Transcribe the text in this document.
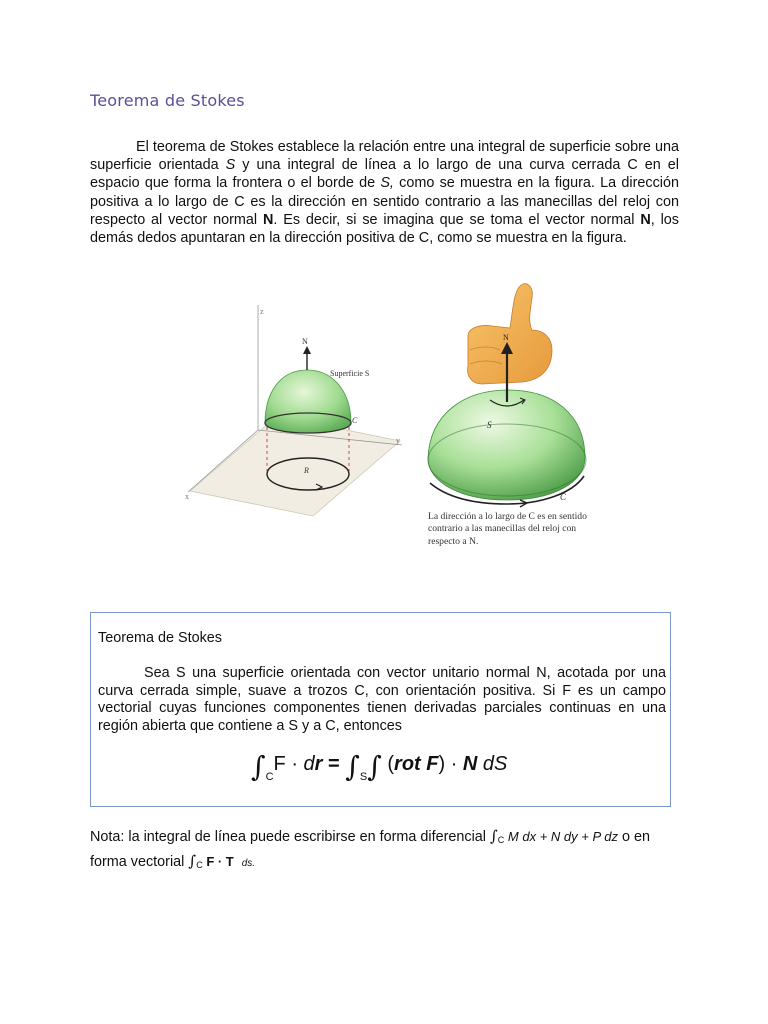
Teorema de Stokes
El teorema de Stokes establece la relación entre una integral de superficie sobre una superficie orientada S y una integral de línea a lo largo de una curva cerrada C en el espacio que forma la frontera o el borde de S, como se muestra en la figura. La dirección positiva a lo largo de C es la dirección en sentido contrario a las manecillas del reloj con respecto al vector normal N. Es decir, si se imagina que se toma el vector normal N, los demás dedos apuntaran en la dirección positiva de C, como se muestra en la figura.
z
y
x
N
Superficie S
C
R
N
S
C
La dirección a lo largo de C es en sentido contrario a las manecillas del reloj con respecto a N.
Teorema de Stokes
Sea S una superficie orientada con vector unitario normal N, acotada por una curva cerrada simple, suave a trozos C, con orientación positiva. Si F es un campo vectorial cuyas funciones componentes tienen derivadas parciales continuas en una región abierta que contiene a S y a C, entonces
$\int_CF$ · dr = $\int_S\int$ (rot F) · N dS
Nota: la integral de línea puede escribirse en forma diferencial ∫C M dx + N dy + P dz o en forma vectorial ∫C F · T ds.
